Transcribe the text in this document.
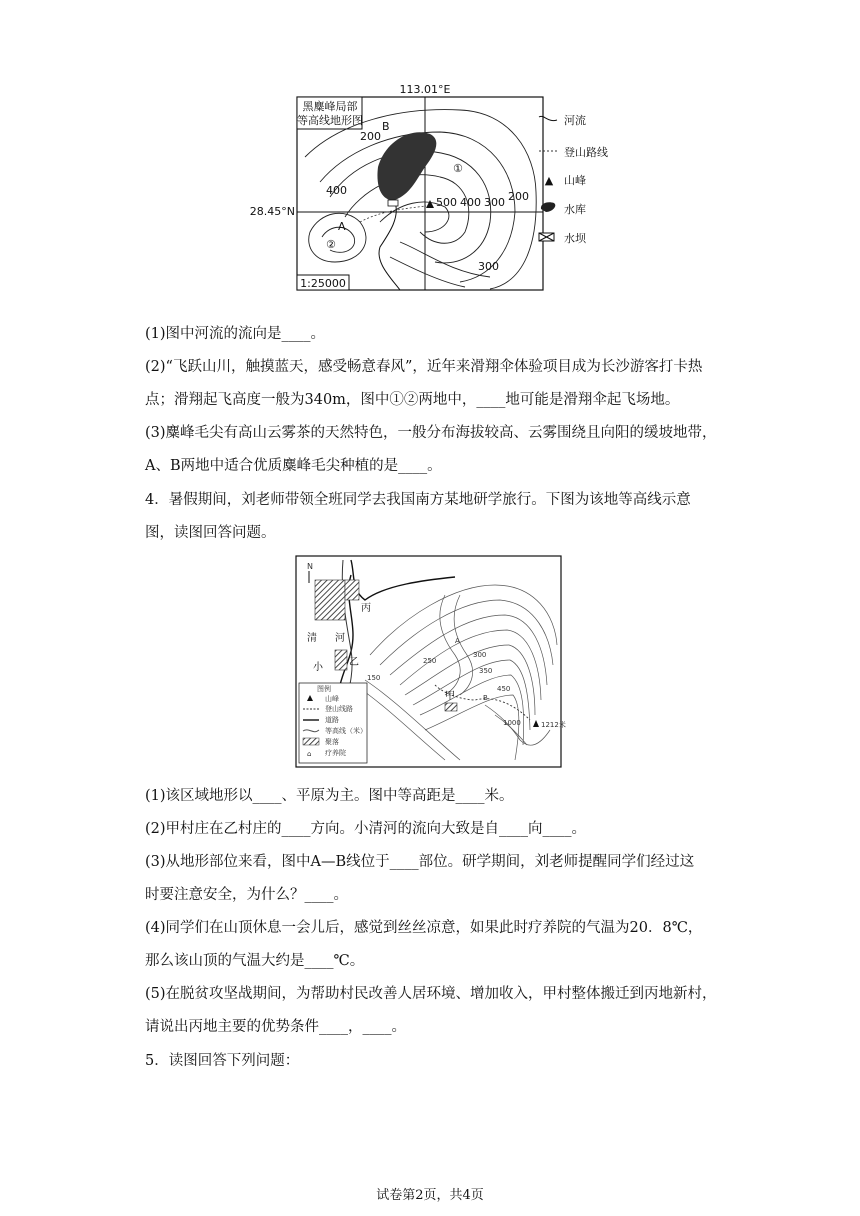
黑麋峰局部
等高线地形图
113.01°E
28.45°N
200
400
500 400 300 200
300
B
A
①
②
1:25000
河流
登山路线
▲ 山峰
水库
水坝
(1)图中河流的流向是____。
(2)“飞跃山川，触摸蓝天，感受畅意春风”，近年来滑翔伞体验项目成为长沙游客打卡热
点；滑翔起飞高度一般为340m，图中①②两地中，____地可能是滑翔伞起飞场地。
(3)麋峰毛尖有高山云雾茶的天然特色，一般分布海拔较高、云雾围绕且向阳的缓坡地带，
A、B两地中适合优质麋峰毛尖种植的是____。
4．暑假期间，刘老师带领全班同学去我国南方某地研学旅行。下图为该地等高线示意
图，读图回答问题。
N
丙
乙
甲
清 河
小
A
B
250
300
350
450
150
1000	1212米
图例
山峰
登山线路
道路
等高线（米）
聚落
⌂ 疗养院
(1)该区域地形以____、平原为主。图中等高距是____米。
(2)甲村庄在乙村庄的____方向。小清河的流向大致是自____向____。
(3)从地形部位来看，图中A—B线位于____部位。研学期间，刘老师提醒同学们经过这
时要注意安全，为什么？____。
(4)同学们在山顶休息一会儿后，感觉到丝丝凉意，如果此时疗养院的气温为20．8℃，
那么该山顶的气温大约是____℃。
(5)在脱贫攻坚战期间，为帮助村民改善人居环境、增加收入，甲村整体搬迁到丙地新村，
请说出丙地主要的优势条件____，____。
5．读图回答下列问题：
试卷第2页，共4页
